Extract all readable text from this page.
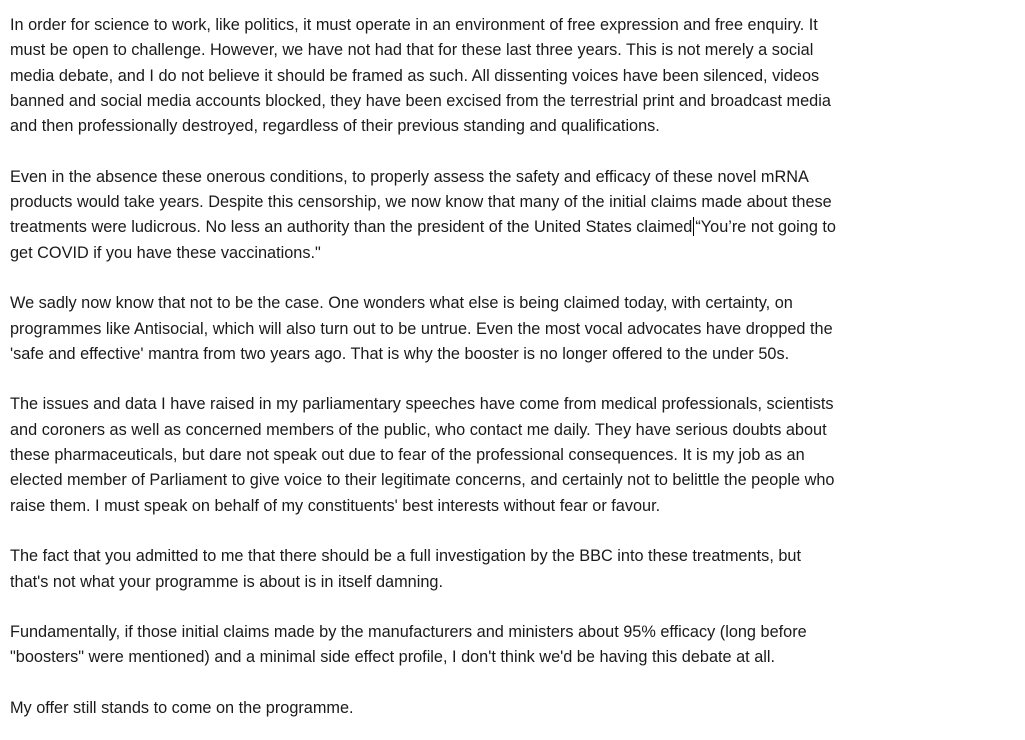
In order for science to work, like politics, it must operate in an environment of free expression and free enquiry. It
must be open to challenge. However, we have not had that for these last three years. This is not merely a social
media debate, and I do not believe it should be framed as such. All dissenting voices have been silenced, videos
banned and social media accounts blocked, they have been excised from the terrestrial print and broadcast media
and then professionally destroyed, regardless of their previous standing and qualifications.

Even in the absence these onerous conditions, to properly assess the safety and efficacy of these novel mRNA
products would take years. Despite this censorship, we now know that many of the initial claims made about these
treatments were ludicrous. No less an authority than the president of the United States claimed “You’re not going to
get COVID if you have these vaccinations."

We sadly now know that not to be the case. One wonders what else is being claimed today, with certainty, on
programmes like Antisocial, which will also turn out to be untrue. Even the most vocal advocates have dropped the
'safe and effective' mantra from two years ago. That is why the booster is no longer offered to the under 50s.

The issues and data I have raised in my parliamentary speeches have come from medical professionals, scientists
and coroners as well as concerned members of the public, who contact me daily. They have serious doubts about
these pharmaceuticals, but dare not speak out due to fear of the professional consequences. It is my job as an
elected member of Parliament to give voice to their legitimate concerns, and certainly not to belittle the people who
raise them. I must speak on behalf of my constituents' best interests without fear or favour.

The fact that you admitted to me that there should be a full investigation by the BBC into these treatments, but
that's not what your programme is about is in itself damning.

Fundamentally, if those initial claims made by the manufacturers and ministers about 95% efficacy (long before
"boosters" were mentioned) and a minimal side effect profile, I don't think we'd be having this debate at all.

My offer still stands to come on the programme.
